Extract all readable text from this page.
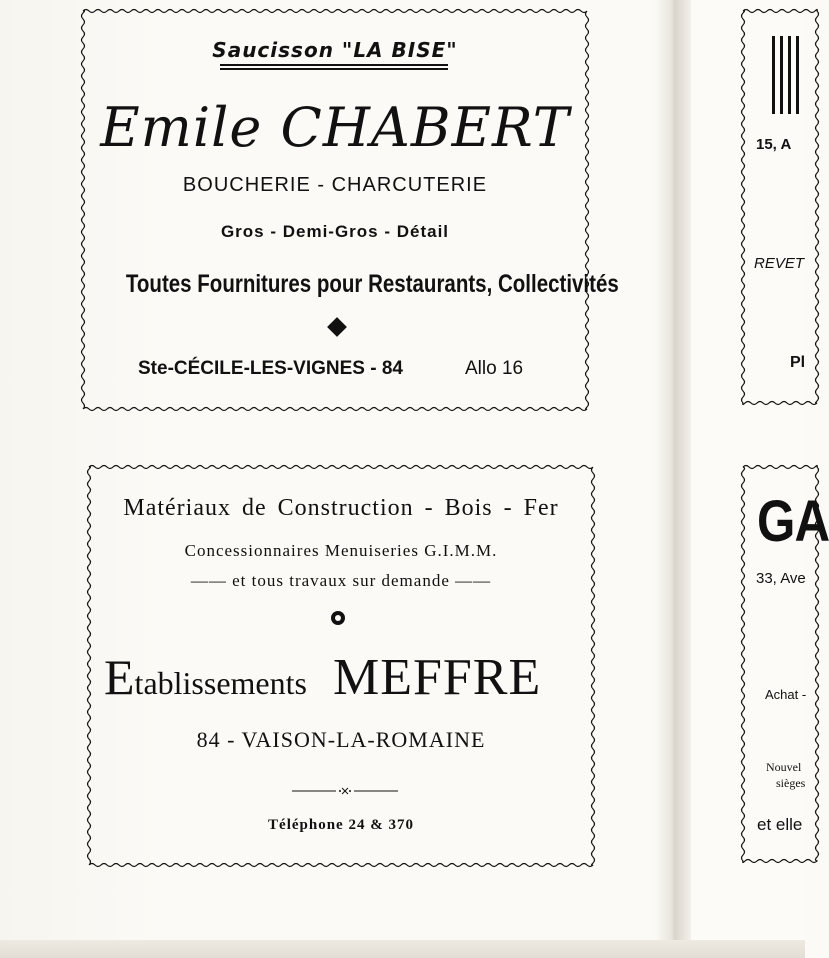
Saucisson "LA BISE"
Emile CHABERT
BOUCHERIE - CHARCUTERIE
Gros - Demi-Gros - Détail
Toutes Fournitures pour Restaurants, Collectivités
Ste-CÉCILE-LES-VIGNES - 84	Allo 16
Matériaux de Construction - Bois - Fer
Concessionnaires Menuiseries G.I.M.M.
—— et tous travaux sur demande ——
Etablissements MEFFRE
84 - VAISON-LA-ROMAINE
Téléphone 24 & 370
15, A
REVET
Pl
GA
33, Ave
Achat -
Nouvel
sièges
et elle
